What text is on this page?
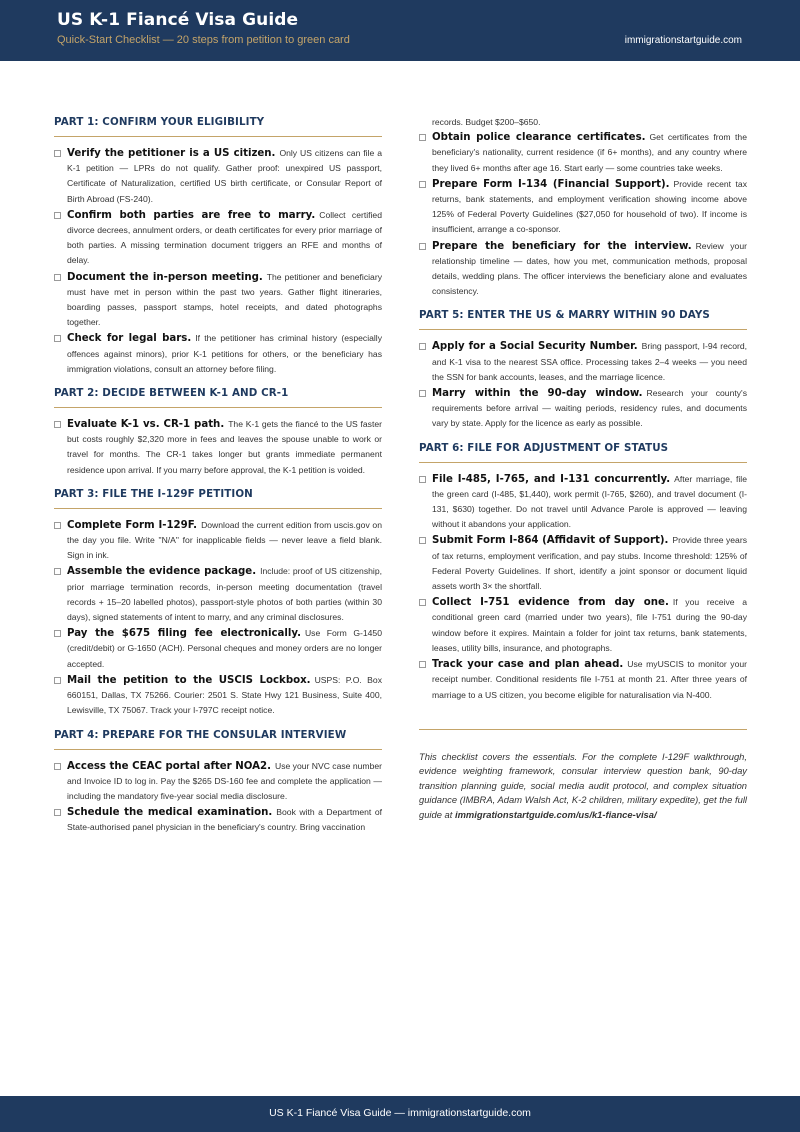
US K-1 Fiancé Visa Guide
Quick-Start Checklist — 20 steps from petition to green card	immigrationstartguide.com
PART 1: CONFIRM YOUR ELIGIBILITY
Verify the petitioner is a US citizen. Only US citizens can file a K-1 petition — LPRs do not qualify. Gather proof: unexpired US passport, Certificate of Naturalization, certified US birth certificate, or Consular Report of Birth Abroad (FS-240).
Confirm both parties are free to marry. Collect certified divorce decrees, annulment orders, or death certificates for every prior marriage of both parties. A missing termination document triggers an RFE and months of delay.
Document the in-person meeting. The petitioner and beneficiary must have met in person within the past two years. Gather flight itineraries, boarding passes, passport stamps, hotel receipts, and dated photographs together.
Check for legal bars. If the petitioner has criminal history (especially offences against minors), prior K-1 petitions for others, or the beneficiary has immigration violations, consult an attorney before filing.
PART 2: DECIDE BETWEEN K-1 AND CR-1
Evaluate K-1 vs. CR-1 path. The K-1 gets the fiancé to the US faster but costs roughly $2,320 more in fees and leaves the spouse unable to work or travel for months. The CR-1 takes longer but grants immediate permanent residence upon arrival. If you marry before approval, the K-1 petition is voided.
PART 3: FILE THE I-129F PETITION
Complete Form I-129F. Download the current edition from uscis.gov on the day you file. Write "N/A" for inapplicable fields — never leave a field blank. Sign in ink.
Assemble the evidence package. Include: proof of US citizenship, prior marriage termination records, in-person meeting documentation (travel records + 15–20 labelled photos), passport-style photos of both parties (within 30 days), signed statements of intent to marry, and any criminal disclosures.
Pay the $675 filing fee electronically. Use Form G-1450 (credit/debit) or G-1650 (ACH). Personal cheques and money orders are no longer accepted.
Mail the petition to the USCIS Lockbox. USPS: P.O. Box 660151, Dallas, TX 75266. Courier: 2501 S. State Hwy 121 Business, Suite 400, Lewisville, TX 75067. Track your I-797C receipt notice.
PART 4: PREPARE FOR THE CONSULAR INTERVIEW
Access the CEAC portal after NOA2. Use your NVC case number and Invoice ID to log in. Pay the $265 DS-160 fee and complete the application — including the mandatory five-year social media disclosure.
Schedule the medical examination. Book with a Department of State-authorised panel physician in the beneficiary's country. Bring vaccination
records. Budget $200–$650.
Obtain police clearance certificates. Get certificates from the beneficiary's nationality, current residence (if 6+ months), and any country where they lived 6+ months after age 16. Start early — some countries take weeks.
Prepare Form I-134 (Financial Support). Provide recent tax returns, bank statements, and employment verification showing income above 125% of Federal Poverty Guidelines ($27,050 for household of two). If income is insufficient, arrange a co-sponsor.
Prepare the beneficiary for the interview. Review your relationship timeline — dates, how you met, communication methods, proposal details, wedding plans. The officer interviews the beneficiary alone and evaluates consistency.
PART 5: ENTER THE US & MARRY WITHIN 90 DAYS
Apply for a Social Security Number. Bring passport, I-94 record, and K-1 visa to the nearest SSA office. Processing takes 2–4 weeks — you need the SSN for bank accounts, leases, and the marriage licence.
Marry within the 90-day window. Research your county's requirements before arrival — waiting periods, residency rules, and documents vary by state. Apply for the licence as early as possible.
PART 6: FILE FOR ADJUSTMENT OF STATUS
File I-485, I-765, and I-131 concurrently. After marriage, file the green card (I-485, $1,440), work permit (I-765, $260), and travel document (I-131, $630) together. Do not travel until Advance Parole is approved — leaving without it abandons your application.
Submit Form I-864 (Affidavit of Support). Provide three years of tax returns, employment verification, and pay stubs. Income threshold: 125% of Federal Poverty Guidelines. If short, identify a joint sponsor or document liquid assets worth 3× the shortfall.
Collect I-751 evidence from day one. If you receive a conditional green card (married under two years), file I-751 during the 90-day window before it expires. Maintain a folder for joint tax returns, bank statements, leases, utility bills, insurance, and photographs.
Track your case and plan ahead. Use myUSCIS to monitor your receipt number. Conditional residents file I-751 at month 21. After three years of marriage to a US citizen, you become eligible for naturalisation via N-400.
This checklist covers the essentials. For the complete I-129F walkthrough, evidence weighting framework, consular interview question bank, 90-day transition planning guide, social media audit protocol, and complex situation guidance (IMBRA, Adam Walsh Act, K-2 children, military expedite), get the full guide at immigrationstartguide.com/us/k1-fiance-visa/
US K-1 Fiancé Visa Guide — immigrationstartguide.com
